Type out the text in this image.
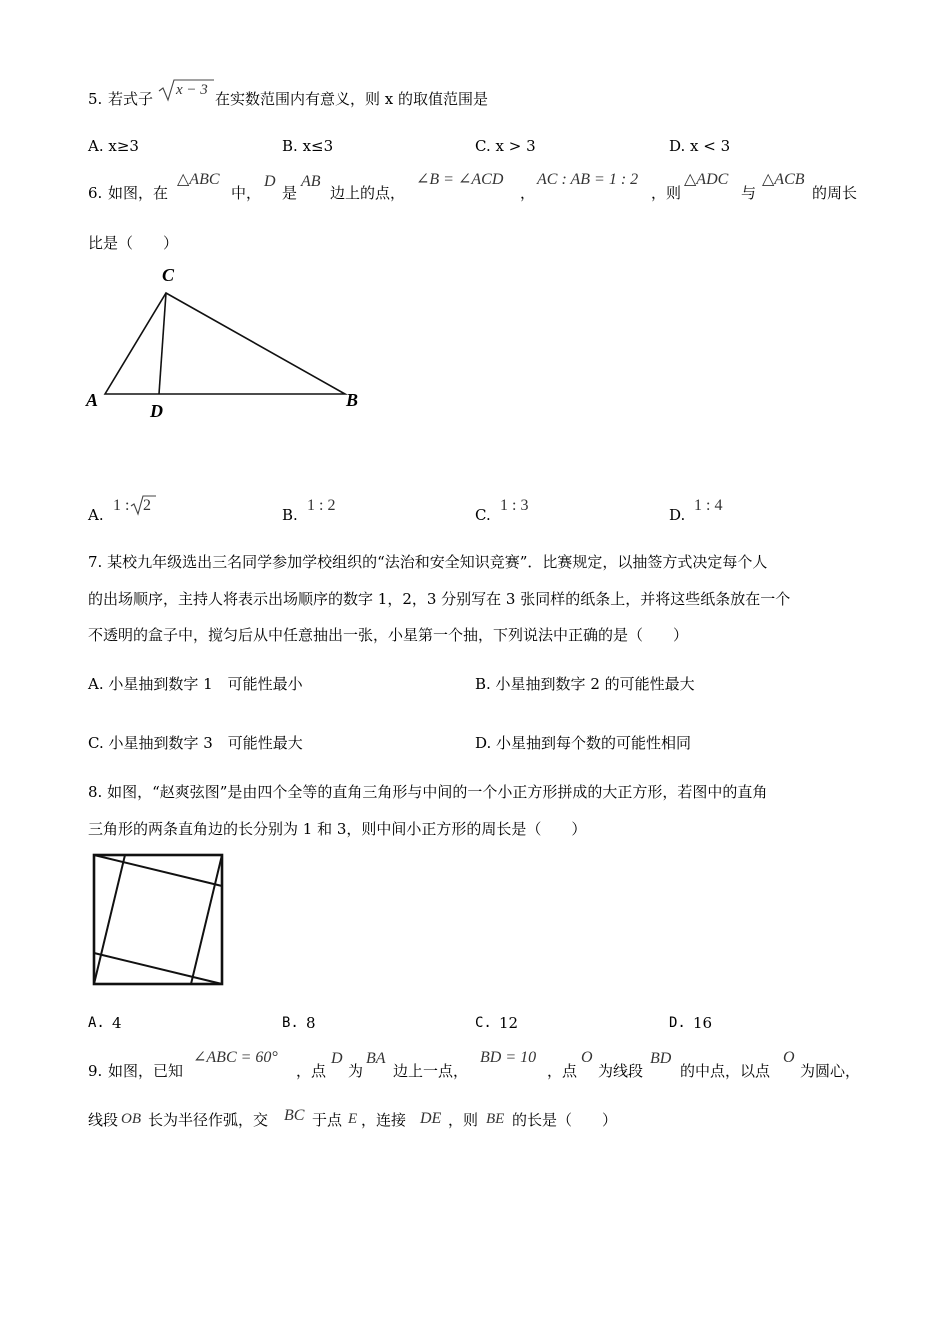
5. 若式子 x − 3 在实数范围内有意义，则 x 的取值范围是
A. x≥3	B. x≤3	C. x > 3	D. x < 3
6. 如图，在
△ABC
中，
D
是
AB
边上的点，
∠B = ∠ACD
，
AC : AB = 1 : 2
，则
△ADC
与
△ACB
的周长
比是（　　）
C
A
D
B
A.
1 : 2
B.
1 : 2
C.
1 : 3
D.
1 : 4
7. 某校九年级选出三名同学参加学校组织的“法治和安全知识竞赛”．比赛规定，以抽签方式决定每个人
的出场顺序，主持人将表示出场顺序的数字 1，2，3 分别写在 3 张同样的纸条上，并将这些纸条放在一个
不透明的盒子中，搅匀后从中任意抽出一张，小星第一个抽，下列说法中正确的是（　　）
A. 小星抽到数字 1　可能性最小	B. 小星抽到数字 2 的可能性最大
C. 小星抽到数字 3　可能性最大	D. 小星抽到每个数的可能性相同
8. 如图，“赵爽弦图”是由四个全等的直角三角形与中间的一个小正方形拼成的大正方形，若图中的直角
三角形的两条直角边的长分别为 1 和 3，则中间小正方形的周长是（　　）
A. 4	B. 8	C. 12	D. 16
9. 如图，已知
∠ABC = 60°
，点
D
为
BA
边上一点，
BD = 10
，点
O
为线段
BD
的中点，以点
O
为圆心，
线段 OB 长为半径作弧，交 BC 于点 E ，连接 DE ，则 BE 的长是（　　）
